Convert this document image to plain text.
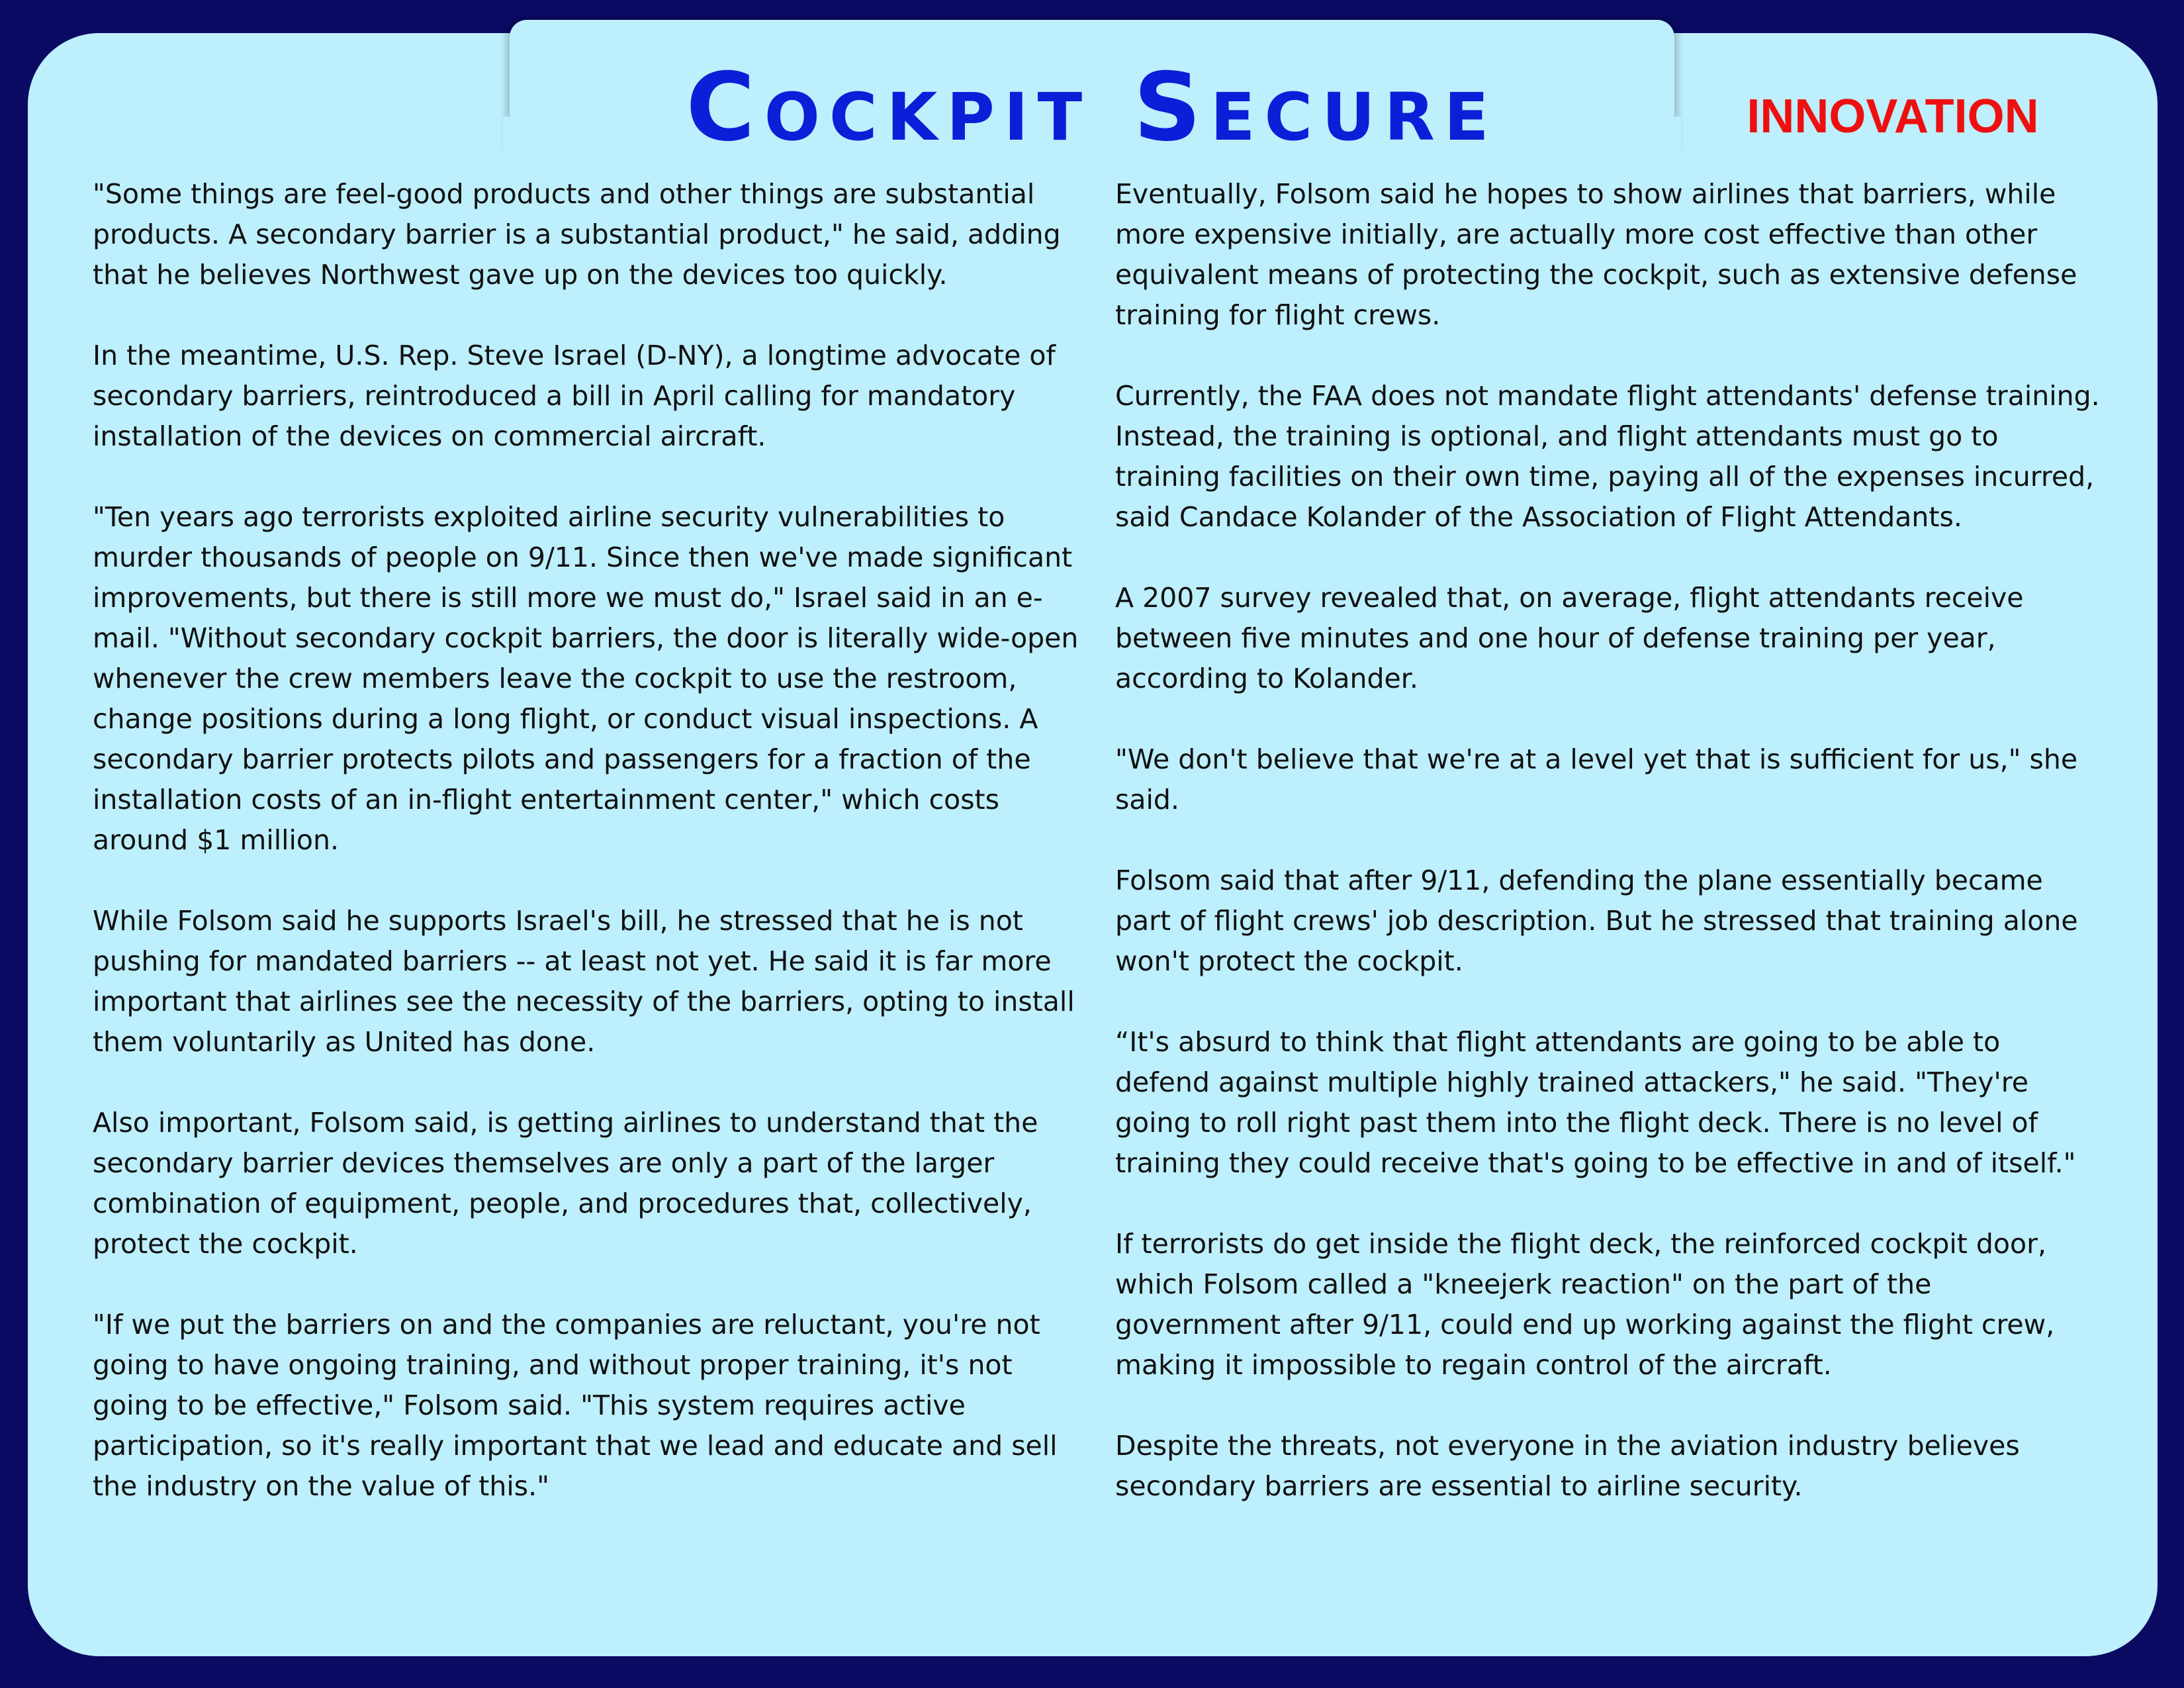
Cockpit Secure	INNOVATION

"Some things are feel-good products and other things are substantial products. A secondary barrier is a substantial product," he said, adding that he believes Northwest gave up on the devices too quickly.

In the meantime, U.S. Rep. Steve Israel (D-NY), a longtime advocate of secondary barriers, reintroduced a bill in April calling for mandatory installation of the devices on commercial aircraft.

"Ten years ago terrorists exploited airline security vulnerabilities to murder thousands of people on 9/11. Since then we've made significant improvements, but there is still more we must do," Israel said in an e-mail. "Without secondary cockpit barriers, the door is literally wide-open whenever the crew members leave the cockpit to use the restroom, change positions during a long flight, or conduct visual inspections. A secondary barrier protects pilots and passengers for a fraction of the installation costs of an in-flight entertainment center," which costs around $1 million.

While Folsom said he supports Israel's bill, he stressed that he is not pushing for mandated barriers -- at least not yet. He said it is far more important that airlines see the necessity of the barriers, opting to install them voluntarily as United has done.

Also important, Folsom said, is getting airlines to understand that the secondary barrier devices themselves are only a part of the larger combination of equipment, people, and procedures that, collectively, protect the cockpit.

"If we put the barriers on and the companies are reluctant, you're not going to have ongoing training, and without proper training, it's not going to be effective," Folsom said. "This system requires active participation, so it's really important that we lead and educate and sell the industry on the value of this."

Eventually, Folsom said he hopes to show airlines that barriers, while more expensive initially, are actually more cost effective than other equivalent means of protecting the cockpit, such as extensive defense training for flight crews.

Currently, the FAA does not mandate flight attendants' defense training. Instead, the training is optional, and flight attendants must go to training facilities on their own time, paying all of the expenses incurred, said Candace Kolander of the Association of Flight Attendants.

A 2007 survey revealed that, on average, flight attendants receive between five minutes and one hour of defense training per year, according to Kolander.

"We don't believe that we're at a level yet that is sufficient for us," she said.

Folsom said that after 9/11, defending the plane essentially became part of flight crews' job description. But he stressed that training alone won't protect the cockpit.

“It's absurd to think that flight attendants are going to be able to defend against multiple highly trained attackers," he said. "They're going to roll right past them into the flight deck. There is no level of training they could receive that's going to be effective in and of itself."

If terrorists do get inside the flight deck, the reinforced cockpit door, which Folsom called a "kneejerk reaction" on the part of the government after 9/11, could end up working against the flight crew, making it impossible to regain control of the aircraft.

Despite the threats, not everyone in the aviation industry believes secondary barriers are essential to airline security.
